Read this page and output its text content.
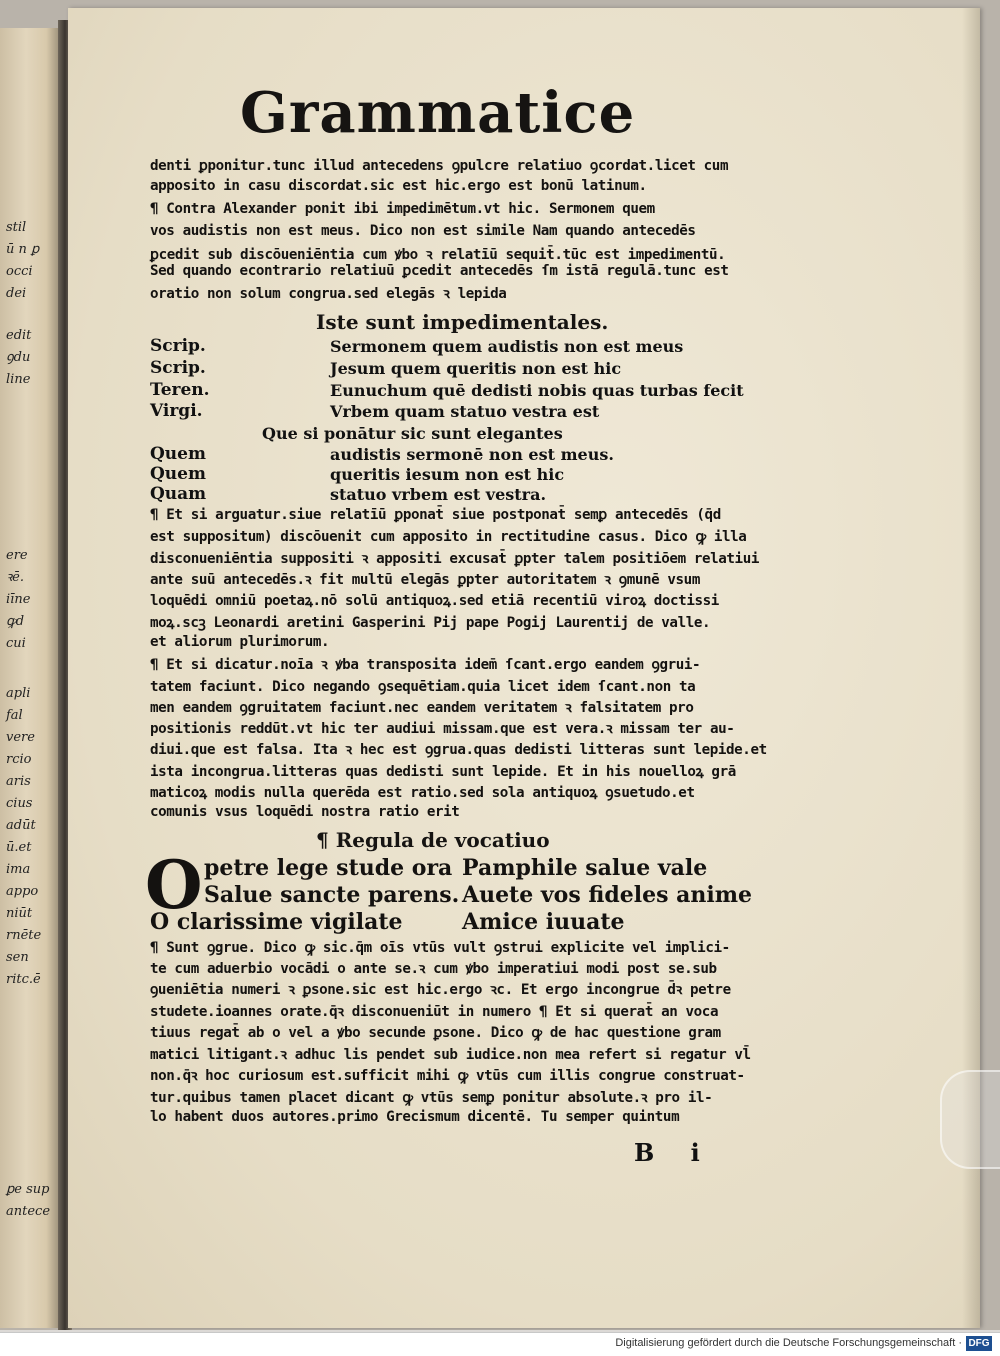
stil
ū n ꝑ
occi
dei
edit
ꝯdu
line
ere
ꝛē.
iīne
ꝙd
cui
apli
fal
vere
rcio
aris
cius
adūt
ū.et
ima
appo
niūt
rnēte
sen
ritc.ē
ꝑe sup
antece
Grammatice
denti ꝑponitur.tunc illud antecedens ꝯpulcre relatiuo ꝯcordat.licet cum
apposito in casu discordat.sic est hic.ergo est bonū latinum.
¶ Contra Alexander ponit ibi impedimētum.vt hic. Sermonem quem
vos audistis non est meus. Dico non est simile Nam quando antecedēs
ꝑcedit sub discōueniēntia cum ꝟbo ꝛ relatīū sequit̄.tūc est impedimentū.
Sed quando econtrario relatiuū ꝑcedit antecedēs ſm istā regulā.tunc est
oratio non solum congrua.sed elegās ꝛ lepida
Iste sunt impedimentales.
Scrip.	Sermonem quem audistis non est meus
Scrip.	Jesum quem queritis non est hic
Teren.	Eunuchum quē dedisti nobis quas turbas fecit
Virgi.	Vrbem quam statuo vestra est
Que si ponātur sic sunt elegantes
Quem	audistis sermonē non est meus.
Quem	queritis iesum non est hic
Quam	statuo vrbem est vestra.
¶ Et si arguatur.siue relatīū ꝑponat̄ siue postponat̄ semꝑ antecedēs (q̄d
est suppositum) discōuenit cum apposito in rectitudine casus. Dico ꝙ illa
disconueniēntia suppositi ꝛ appositi excusat̄ ꝑpter talem positiōem relatiui
ante suū antecedēs.ꝛ fit multū elegās ꝑpter autoritatem ꝛ ꝯmunē vsum
loquēdi omniū poetaꝝ.nō solū antiquoꝝ.sed etiā recentiū viroꝝ doctissi
moꝝ.scꝫ Leonardi aretini Gasperini Pij pape Pogij Laurentij de valle.
et aliorum plurimorum.
¶ Et si dicatur.noīa ꝛ ꝟba transposita idem̄ ſcant.ergo eandem ꝯgrui-
tatem faciunt. Dico negando ꝯsequētiam.quia licet idem ſcant.non ta
men eandem ꝯgruitatem faciunt.nec eandem veritatem ꝛ falsitatem pro
positionis reddūt.vt hic ter audiui missam.que est vera.ꝛ missam ter au-
diui.que est falsa. Ita ꝛ hec est ꝯgrua.quas dedisti litteras sunt lepide.et
ista incongrua.litteras quas dedisti sunt lepide. Et in his nouelloꝝ grā
maticoꝝ modis nulla querēda est ratio.sed sola antiquoꝝ ꝯsuetudo.et
comunis vsus loquēdi nostra ratio erit
¶ Regula de vocatiuo
O petre lege stude ora Pamphile salue vale
Salue sancte parens. Auete vos fideles anime
O clarissime vigilate	Amice iuuate
¶ Sunt ꝯgrue. Dico ꝙ sic.q̄m oīs vtūs vult ꝯstrui explicite vel implici-
te cum aduerbio vocādi o ante se.ꝛ cum ꝟbo imperatiui modi post se.sub
ꝯueniētia numeri ꝛ ꝑsone.sic est hic.ergo ꝛc. Et ergo incongrue d̄ꝛ petre
studete.ioannes orate.q̄ꝛ disconueniūt in numero ¶ Et si querat̄ an voca
tiuus regat̄ ab o vel a ꝟbo secunde ꝑsone. Dico ꝙ de hac questione gram
matici litigant.ꝛ adhuc lis pendet sub iudice.non mea refert si regatur vl̄
non.q̄ꝛ hoc curiosum est.sufficit mihi ꝙ vtūs cum illis congrue construat-
tur.quibus tamen placet dicant ꝙ vtūs semꝑ ponitur absolute.ꝛ pro il-
lo habent duos autores.primo Grecismum dicentē. Tu semper quintum
B i
Digitalisierung gefördert durch die Deutsche Forschungsgemeinschaft · DFG
